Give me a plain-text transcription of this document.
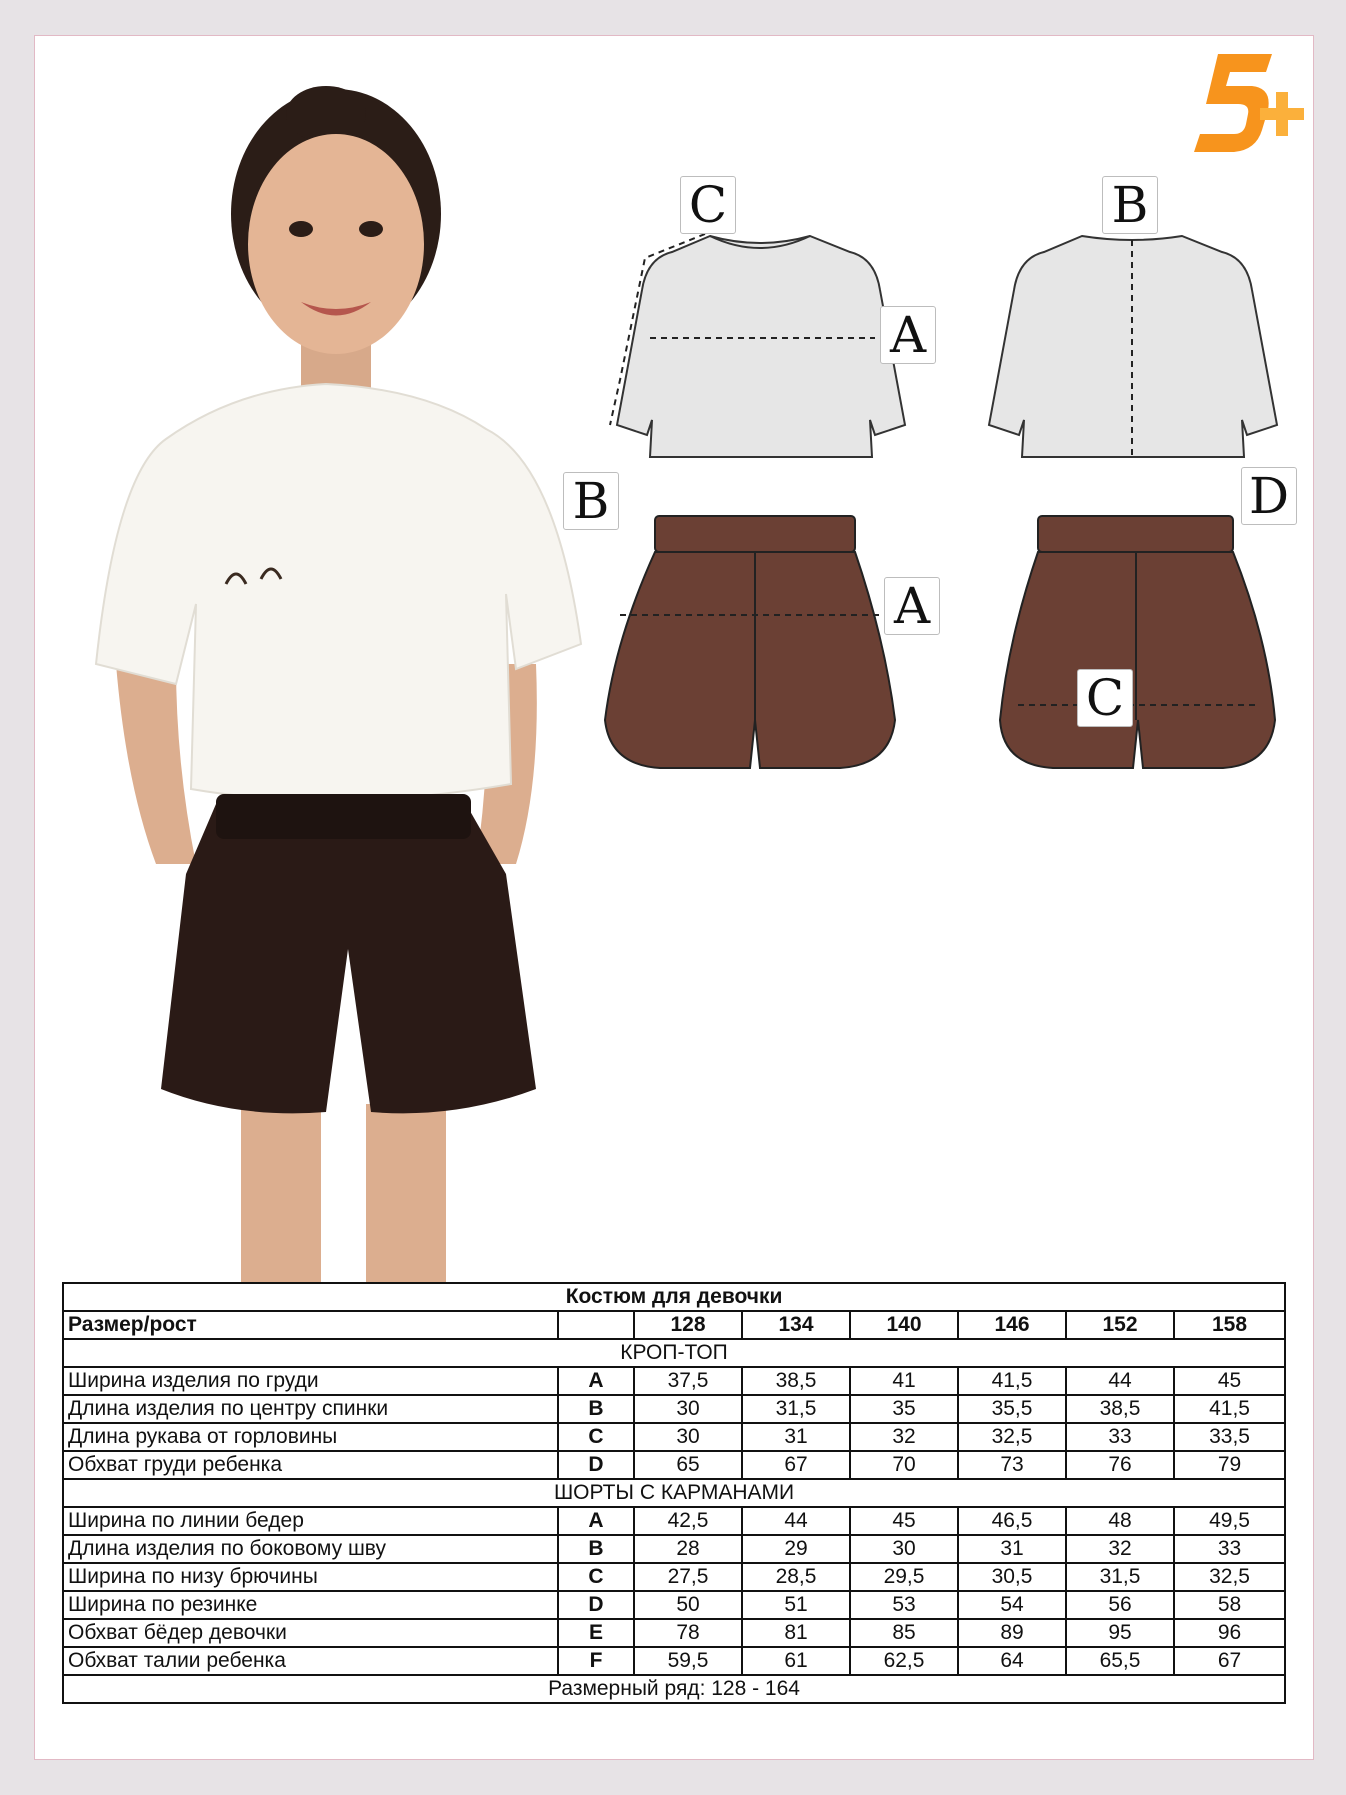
C
A
B
B
A
D
C
Костюм для девочки							
Размер/рост		128	134	140	146	152	158
КРОП-ТОП							
Ширина изделия по груди	A	37,5	38,5	41	41,5	44	45
Длина изделия по центру спинки	B	30	31,5	35	35,5	38,5	41,5
Длина рукава от горловины	C	30	31	32	32,5	33	33,5
Обхват груди ребенка	D	65	67	70	73	76	79
ШОРТЫ С КАРМАНАМИ							
Ширина по линии бедер	A	42,5	44	45	46,5	48	49,5
Длина изделия по боковому шву	B	28	29	30	31	32	33
Ширина по низу брючины	C	27,5	28,5	29,5	30,5	31,5	32,5
Ширина по резинке	D	50	51	53	54	56	58
Обхват бёдер девочки	E	78	81	85	89	95	96
Обхват талии ребенка	F	59,5	61	62,5	64	65,5	67
Размерный ряд: 128 - 164							
